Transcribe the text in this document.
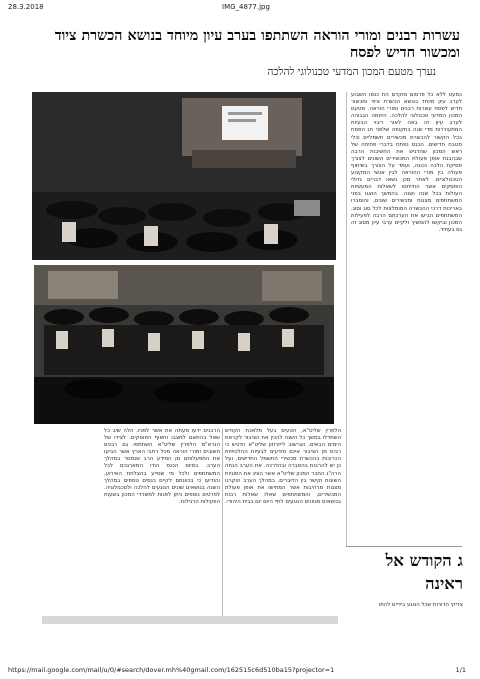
28.3.2018	IMG_4877.jpg
עשרות רבנים ומורי הוראה השתתפו בערב עיון מיוחד בנושא הכשרת ציוד ומכשור חדיש לפסח
נערך מטעם המכון המדעי טכנולוגי להלכה

כמעט ללא כל פרסום מוקדם הת כנסו השבוע לערב עיון מיוחד בנושא הכשרת ציוד ומכשור חדיש לפסח עשרות רבנים ומורי הוראה. מטעם המכון המדעי טכנולוגי להלכה. היוזמה הגבוהה לערב עיון זה באה לאור ריבוי הבעיות המתעוררות מדי שנה בתקופה שלפני חג הפסח בכל הקשור להכשרת מכשירים חשמליים וכלי מטבח חדישים. הכנס נפתח בדברי פתיחה של ראש המכון שהדגיש את החשיבות הרבה שבהבנת אופן פעולת המכשירים השונים לצורך פסיקת הלכה נכונה, ועמד על הצורך בשיתוף פעולה בין מורי ההוראה לבין אנשי המקצוע הטכנולוגיים. לאחר מכן נשאו דברים גדולי הפוסקים אשר התייחסו לשאלות המעשיות העולות בכל שנה ושנה. בהמשך הוצגו בפני המשתתפים מצגות ומכשירים שונים, והוסברו באריכות דרכי ההכשרה המומלצות לכל סוג וסוג. המשתתפים הביעו את הערכתם הרבה לפעילות המכון וביקשו להמשיך ולקיים ערבי עיון מסוג זה גם בעתיד.

הלפרין שליט"א, הטעים בעל מלאכת הקודש השתדלו במשך כל השנה להכין את הציבור לקראת הימים הבאים. הגרשוב לייזרוזון שליט"א הדגיש כי רבים מן הציבור אינם מודעים לבעיות ההלכתיות הכרוכות בהכשרת מכשירי החשמל החדישים, ועל כן יש להרבות בהסברה ובהדרכה. את הערב הנחה הרה"ג החבר המכון שליט"א אשר הציג את הסוגיות השונות וקישר בין הדוברים. במהלך הערב הוקרנו מצגות מרהיבות אשר המחישו את אופן פעולת המכשירים, והמשתתפים שאלו שאלות רבות בנושאים מגוונים הנוגעים לחיי היום יום בבית היהודי.

הרבנים ידעו מעתה את אשר לפניו. הלה שיב כל שאל בהתאם למצבו וחאוף הפוסקים. לצידו של הגרא"מ הלפרין שליט"א השתתפו גם רבנים חשובים ומורי הוראה מכל רחבי הארץ אשר הביעו את התפעלותם מן המידע הרב שנמסר במהלך הערב. בסיום הכנס הודו המארגנים לכל המשתתפים ולכל מי שסייע בהצלחת האירוע, והודיעו כי בכוונתם לקיים כנסים נוספים במהלך השנה בנושאים שונים הנוגעים להלכה ולטכנולוגיה. לפרטים נוספים ניתן לפנות למשרדי המכון בשעות הפעילות הרגילות.

ג הקודש אל ראינה
צדיקי הדורות שכל הנוגע בידיים להתו
https://mail.google.com/mail/u/0/#search/dover.mh%40gmail.com/162515c6d510ba15?projector=1	1/1
